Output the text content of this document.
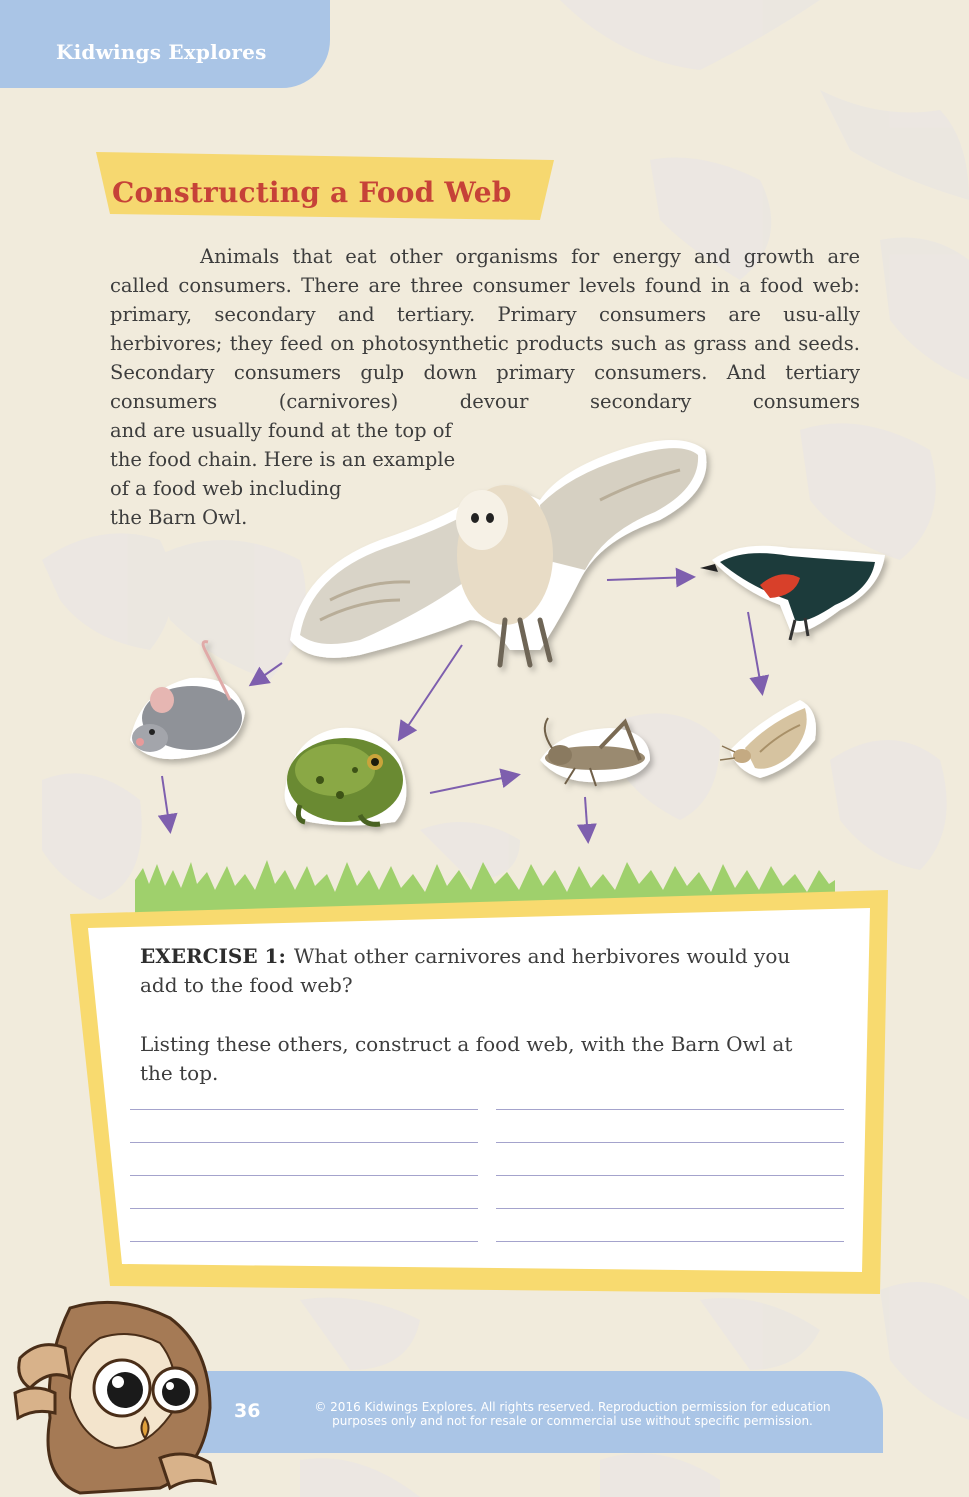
Kidwings Explores
Constructing a Food Web
Animals that eat other organisms for energy and growth are called consumers. There are three consumer levels found in a food web: primary, secondary and tertiary. Primary consumers are usu-ally herbivores; they feed on photosynthetic products such as grass and seeds. Secondary consumers gulp down primary consumers. And tertiary consumers (carnivores) devour secondary consumers
and are usually found at the top of
the food chain. Here is an example
of a food web including
the Barn Owl.

EXERCISE 1: What other carnivores and herbivores would you add to the food web?

Listing these others, construct a food web, with the Barn Owl at the top.

36	© 2016 Kidwings Explores. All rights reserved. Reproduction permission for education
purposes only and not for resale or commercial use without specific permission.
